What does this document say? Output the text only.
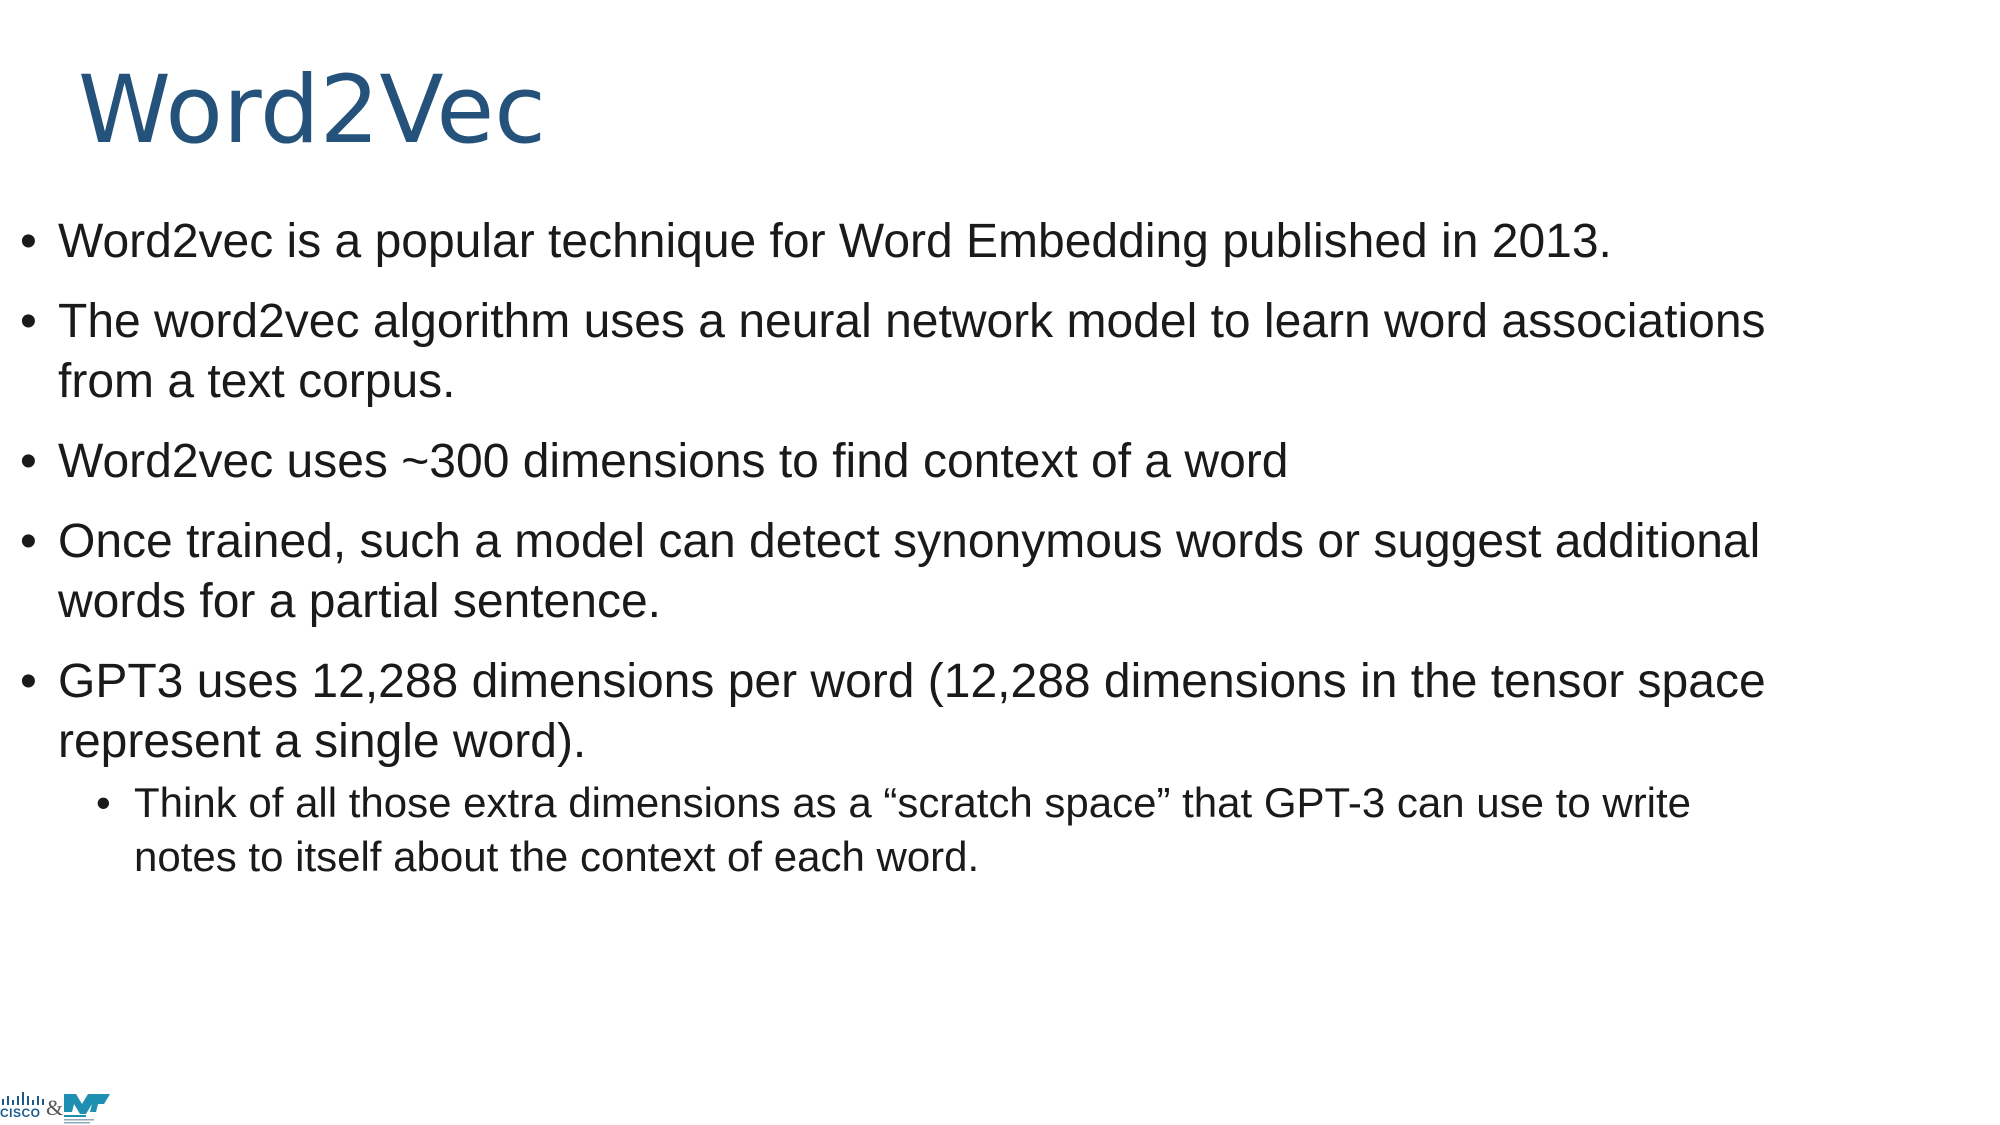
Word2Vec
• Word2vec is a popular technique for Word Embedding published in 2013.
• The word2vec algorithm uses a neural network model to learn word associations from a text corpus.
• Word2vec uses ~300 dimensions to find context of a word
• Once trained, such a model can detect synonymous words or suggest additional words for a partial sentence.
• GPT3 uses 12,288 dimensions per word (12,288 dimensions in the tensor space represent a single word).
• Think of all those extra dimensions as a “scratch space” that GPT-3 can use to write notes to itself about the context of each word.
CISCO &
